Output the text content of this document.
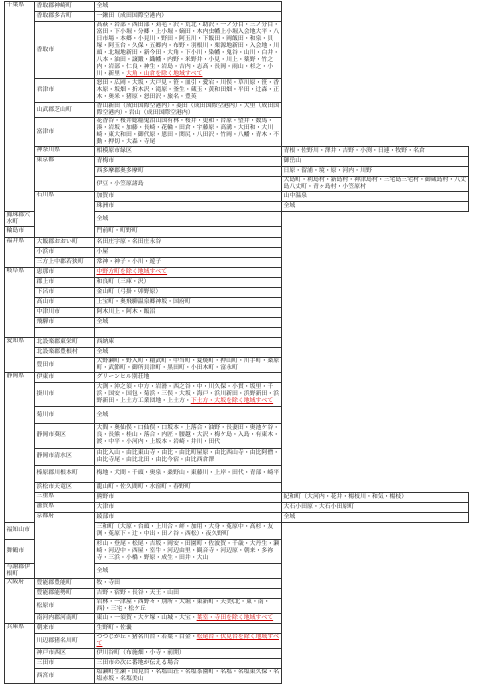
千葉県	香取郡神崎町	全域	
	香取郡多古町	一鍬田（成田国際空港内）	
	香取市	高萩・岩部・西田部・苅毛・沢・荒北・助沢・一ノ分目・三ノ分目・富田・下小堀・分郷・上小堀・嫡田・木内虫幡上小堀入会地大平・八日市場・本郷・小見川・野田・阿玉川・下飯田・岡飯田・和泉・貝塚・阿玉台・久保・五郷内・布野・羽根川・栗源地新田・入会地・川頭・北堀地新田・新今田・大角・下小川・染幡・鬼谷・山川・白井・八本・油田・譲鍛・織幡・内野・米野井・小見・川上・薬野・竹之内・岩部・仁良・神生・岩島・吉内・志高・長岡・雨山・杉之・小川・新里・大角・山倉を除く地域すべて	
	君津市	怒田・広岡・大坂・大戸見・笹・皿引・愛宕・川俣・草川原・笹・香木原・坂畑・折木沢・滝原・釜生・蔵玉・黄和田畑・平田・辻森・正木・奥米・猪原・怒田沢・旅名・豊英	
	山武郡芝山町	香山新田（成田国際空港内）・菱田（成田国際空港内）・大里（成田国際空港内）・岩山（成田国際空港内）	
	富津市	花香谷・桜井総稲鬼泪山国有林・桜井・更和・台原・望井・数馬・湊・岩坂・加藤・長崎・花輪・田倉・宇藤原・高溝・大田和・大川崎・東大和田・御代原・恩田・関尻・八田沢・竹岡・八幡・青木・不動・押切・大森・寺尾	
	神奈川県	相模原市緑区	青根・佐野川・澤井・吉野・小渕・日連・牧野・名倉
	東京都	青梅市	御岳山
		西多摩郡奥多摩町	日原・留浦・境・原・河内・川野
		伊豆・小笠原諸島	大島町・利島村・新島村・神津島村・三宅島三宅村・御蔵島村・八丈島八丈町・青ヶ島村・小笠原村
	石川県	加賀市	山中温泉
		珠洲市	全域
鳳珠郡穴水町		全域	
輪島市		門前町・町野町	
福井県	大飯郡おおい町	名田庄字原・名田庄永谷	
	小浜市	小屋	
	三方上中郡若狭町	常神・神子・小川・遊子	
岐阜県	恵那市	中野方町を除く地域すべて	
	郡上市	和良町（三庫・沢）	
	下呂市	金山町（弓掛・卯野原）	
	高山市	上宝町・奥飛騨温泉郷神坂・国府町	
	中津川市	阿木川上・阿木・飯沼	
	飛騨市	全域	

愛知県	北設楽郡東栄町	西納庫	
	北設楽郡豊根村	全域	
	豊田市	大野瀬町・野入町・稲武町・中当町・夏焼町・押山町・川手町・桑原町・武節町・御所貝津町・黒田町・小田木町・富永町	
静岡県	伊東市	グリーンヒル別荘地	
	掛川市	大渕・沖之須・中方・岩滑・西之谷・中・川久保・小貫・坂里・千浜・国安・国包・菊浜・三俣・大坂・海戸・浜川新田・浜野新田・浜野新田・上土方工業団地・上土方・下土方・大坂を除く地域すべて	
	菊川市	全域	
	静岡市葵区	大間・奥仙俣・口仙俣・口坂本・上落合・油野・長妻田・奥池ケ谷・良・長熊・桂山・落合・内匠・腰越・大沢・梅ケ島・入島・有東木・渡・中平・小河内・上坂本・岩崎・井川・田代	
	静岡市清水区	由比入山・由比東山寺・由比・由比町屋原・由比西山寺・由比阿僧・由比寺尾・由比北田・由比今宿・由比西倉澤	
	榛原郡川根本町	梅地・犬間・千頭・奥泉・桑野山・東藤川・上岸・田代・青部・崎平	
	浜松市天竜区	龍山町・佐久間町・水窪町・春野町	
	三重県	熊野市	紀和町（大河内・花井・楊枝川・和気・楊枝）
	滋賀県	大津市	大石小田原・大石小田原町
	京都府	綾部市	全域
福知山市		三和町（大原・台頭・上川合・岼・加用・大身・菟原中・高杉・友渕・菟原下・辻・中出・田ノ谷・西松）・夜久野町	
舞鶴市		杉山・登尾・松尾・吉坂・岡安・田園町・佐波賀・千歳・大丹生・瀬崎・河辺中・西屋・室牛・河辺由里・観音寺・河辺原・朝来・多祢寺・三浜・小橋・野原・成生・田井・大山	
与謝郡伊根町		全域	
大阪府	豊能郡豊能町	牧・寺田	
	豊能郡能勢町	吉野・宿野・長谷・天王・山田	
	松原市	岩林・一津屋・西野々・別所・大堀・東新町・天美(北・東・南・西)・三宅・松ケ丘	
	南河内郡河南町	東山・一須賀・大ケ塚・山城・大宝・葉室・寺田を除く地域すべて	
兵庫県	朝来市	生野町・佐嚢	
	川辺郡猪名川町	つつじが丘・猪名川台・若葉・白金・松尾台・伏見台を除く地域すべて	
	神戸市西区	伊川谷町（布施畑・小寺・前開）	
	三田市	三田市の次に番地が伝える場合	
	西宮市	塩瀬町生瀬・国見台・名塩山荘・名塩茶園町・名塩・名塩東久保・名塩赤坂・名塩美山	
